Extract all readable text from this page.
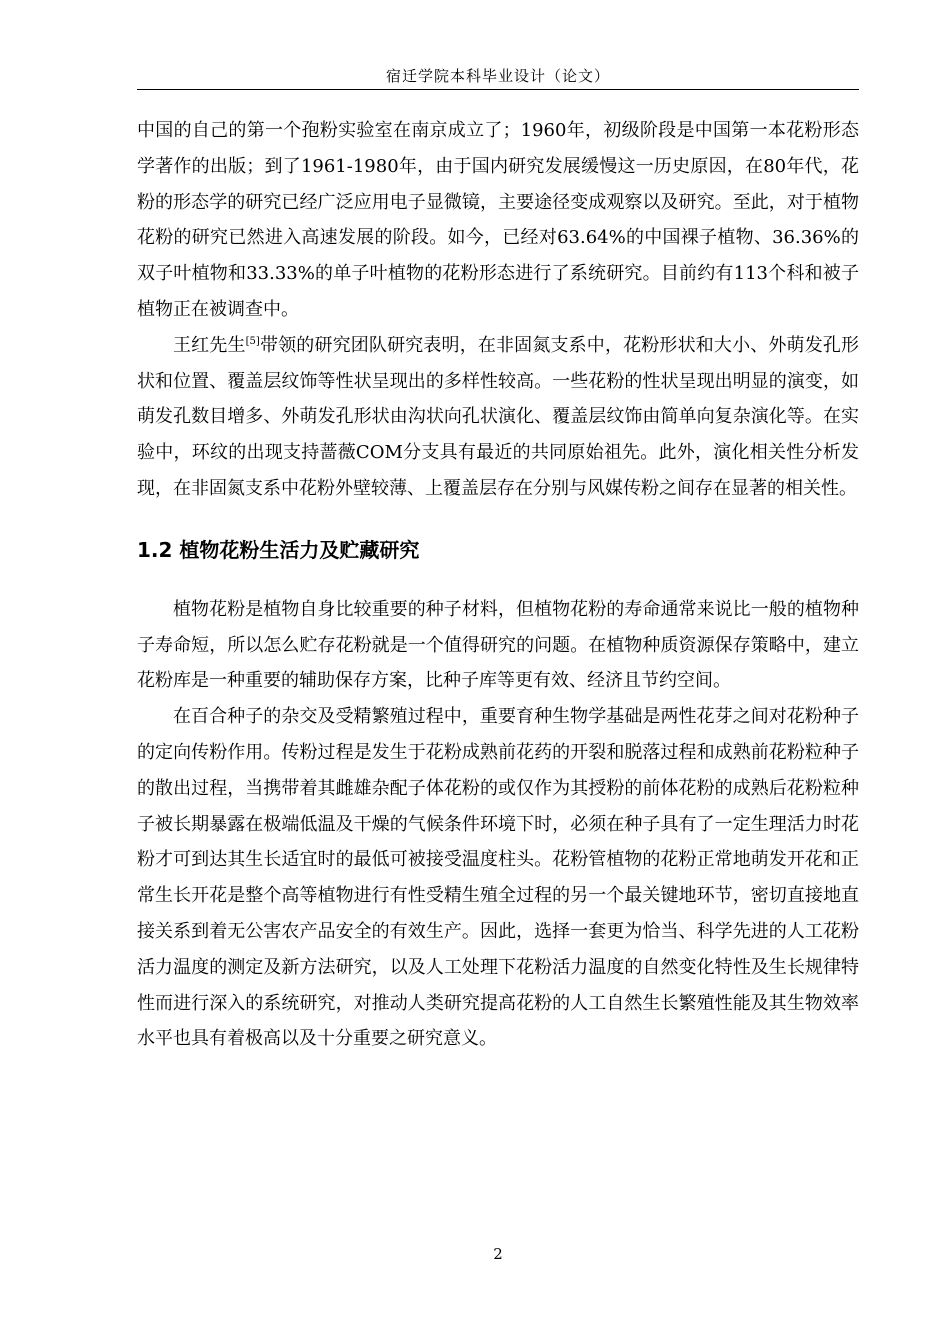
宿迁学院本科毕业设计（论文）

中国的自己的第一个孢粉实验室在南京成立了；1960年，初级阶段是中国第一本花粉形态学著作的出版；到了1961-1980年，由于国内研究发展缓慢这一历史原因，在80年代，花粉的形态学的研究已经广泛应用电子显微镜，主要途径变成观察以及研究。至此，对于植物花粉的研究已然进入高速发展的阶段。如今，已经对63.64%的中国裸子植物、36.36%的双子叶植物和33.33%的单子叶植物的花粉形态进行了系统研究。目前约有113个科和被子植物正在被调查中。

王红先生[5]带领的研究团队研究表明，在非固氮支系中，花粉形状和大小、外萌发孔形状和位置、覆盖层纹饰等性状呈现出的多样性较高。一些花粉的性状呈现出明显的演变，如萌发孔数目增多、外萌发孔形状由沟状向孔状演化、覆盖层纹饰由简单向复杂演化等。在实验中，环纹的出现支持蔷薇COM分支具有最近的共同原始祖先。此外，演化相关性分析发现，在非固氮支系中花粉外壁较薄、上覆盖层存在分别与风媒传粉之间存在显著的相关性。

1.2 植物花粉生活力及贮藏研究

植物花粉是植物自身比较重要的种子材料，但植物花粉的寿命通常来说比一般的植物种子寿命短，所以怎么贮存花粉就是一个值得研究的问题。在植物种质资源保存策略中，建立花粉库是一种重要的辅助保存方案，比种子库等更有效、经济且节约空间。

在百合种子的杂交及受精繁殖过程中，重要育种生物学基础是两性花芽之间对花粉种子的定向传粉作用。传粉过程是发生于花粉成熟前花药的开裂和脱落过程和成熟前花粉粒种子的散出过程，当携带着其雌雄杂配子体花粉的或仅作为其授粉的前体花粉的成熟后花粉粒种子被长期暴露在极端低温及干燥的气候条件环境下时，必须在种子具有了一定生理活力时花粉才可到达其生长适宜时的最低可被接受温度柱头。花粉管植物的花粉正常地萌发开花和正常生长开花是整个高等植物进行有性受精生殖全过程的另一个最关键地环节，密切直接地直接关系到着无公害农产品安全的有效生产。因此，选择一套更为恰当、科学先进的人工花粉活力温度的测定及新方法研究，以及人工处理下花粉活力温度的自然变化特性及生长规律特性而进行深入的系统研究，对推动人类研究提高花粉的人工自然生长繁殖性能及其生物效率水平也具有着极高以及十分重要之研究意义。

2
